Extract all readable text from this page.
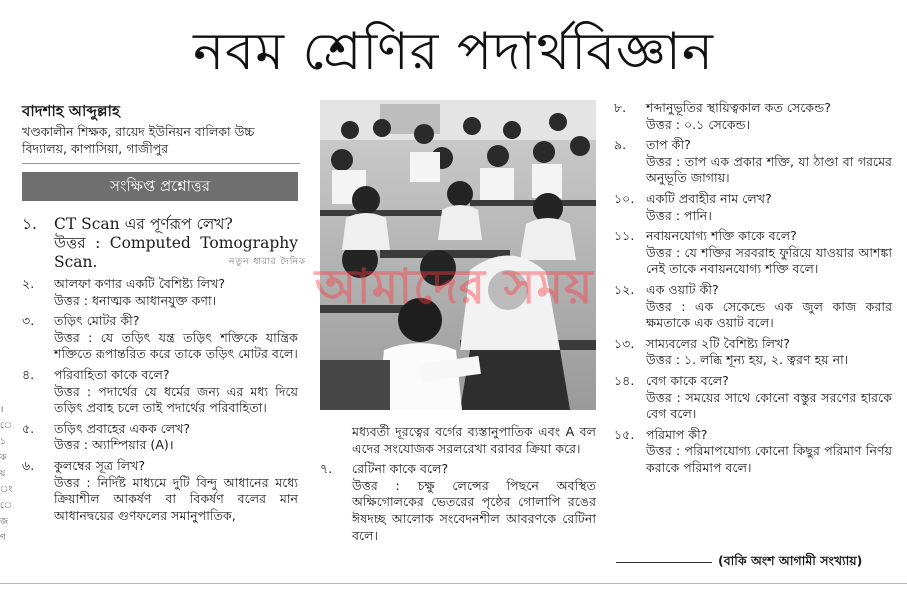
।
ে
১
ক
য়
ং
ে
জ
গ
নবম শ্রেণির পদার্থবিজ্ঞান
বাদশাহ আব্দুল্লাহ
খণ্ডকালীন শিক্ষক, রায়েদ ইউনিয়ন বালিকা উচ্চ বিদ্যালয়, কাপাসিয়া, গাজীপুর
সংক্ষিপ্ত প্রশ্নোত্তর
১.	CT Scan এর পূর্ণরূপ লেখ?
উত্তর : Computed Tomography Scan.
২.	আলফা কণার একটি বৈশিষ্ট্য লিখ?
উত্তর : ধনাত্মক আধানযুক্ত কণা।
৩.	তড়িৎ মোটর কী?
উত্তর : যে তড়িৎ যন্ত্র তড়িৎ শক্তিকে যান্ত্রিক শক্তিতে রূপান্তরিত করে তাকে তড়িৎ মোটর বলে।
৪.	পরিবাহিতা কাকে বলে?
উত্তর : পদার্থের যে ধর্মের জন্য এর মধ্য দিয়ে তড়িৎ প্রবাহ চলে তাই পদার্থের পরিবাহিতা।
৫.	তড়িৎ প্রবাহের একক লেখ?
উত্তর : অ্যাম্পিয়ার (A)।
৬.	কুলম্বের সূত্র লিখ?
উত্তর : নির্দিষ্ট মাধ্যমে দুটি বিন্দু আধানের মধ্যে ক্রিয়াশীল আকর্ষণ বা বিকর্ষণ বলের মান আধানদ্বয়ের গুণফলের সমানুপাতিক,
নতুন ধারার দৈনিক আমাদের সময়
মধ্যবর্তী দূরত্বের বর্গের ব্যস্তানুপাতিক এবং A বল এদের সংযোজক সরলরেখা বরাবর ক্রিয়া করে।
৭.	রেটিনা কাকে বলে?
উত্তর : চক্ষু লেন্সের পিছনে অবস্থিত অক্ষিগোলকের ভেতরের পৃষ্ঠের গোলাপি রঙের ঈষদচ্ছ আলোক সংবেদনশীল আবরণকে রেটিনা বলে।
৮.	শব্দানুভূতির স্থায়িত্বকাল কত সেকেন্ড?
উত্তর : ০.১ সেকেন্ড।
৯.	তাপ কী?
উত্তর : তাপ এক প্রকার শক্তি, যা ঠাণ্ডা বা গরমের অনুভূতি জাগায়।
১০. একটি প্রবাহীর নাম লেখ?
উত্তর : পানি।
১১. নবায়নযোগ্য শক্তি কাকে বলে?
উত্তর : যে শক্তির সরবরাহ ফুরিয়ে যাওয়ার আশঙ্কা নেই তাকে নবায়নযোগ্য শক্তি বলে।
১২. এক ওয়াট কী?
উত্তর : এক সেকেন্ডে এক জুল কাজ করার ক্ষমতাকে এক ওয়াট বলে।
১৩. সাম্যবলের ২টি বৈশিষ্ট্য লিখ?
উত্তর : ১. লব্ধি শূন্য হয়, ২. ত্বরণ হয় না।
১৪. বেগ কাকে বলে?
উত্তর : সময়ের সাথে কোনো বস্তুর সরণের হারকে বেগ বলে।
১৫. পরিমাপ কী?
উত্তর : পরিমাপযোগ্য কোনো কিছুর পরিমাণ নির্ণয় করাকে পরিমাপ বলে।
(বাকি অংশ আগামী সংখ্যায়)
